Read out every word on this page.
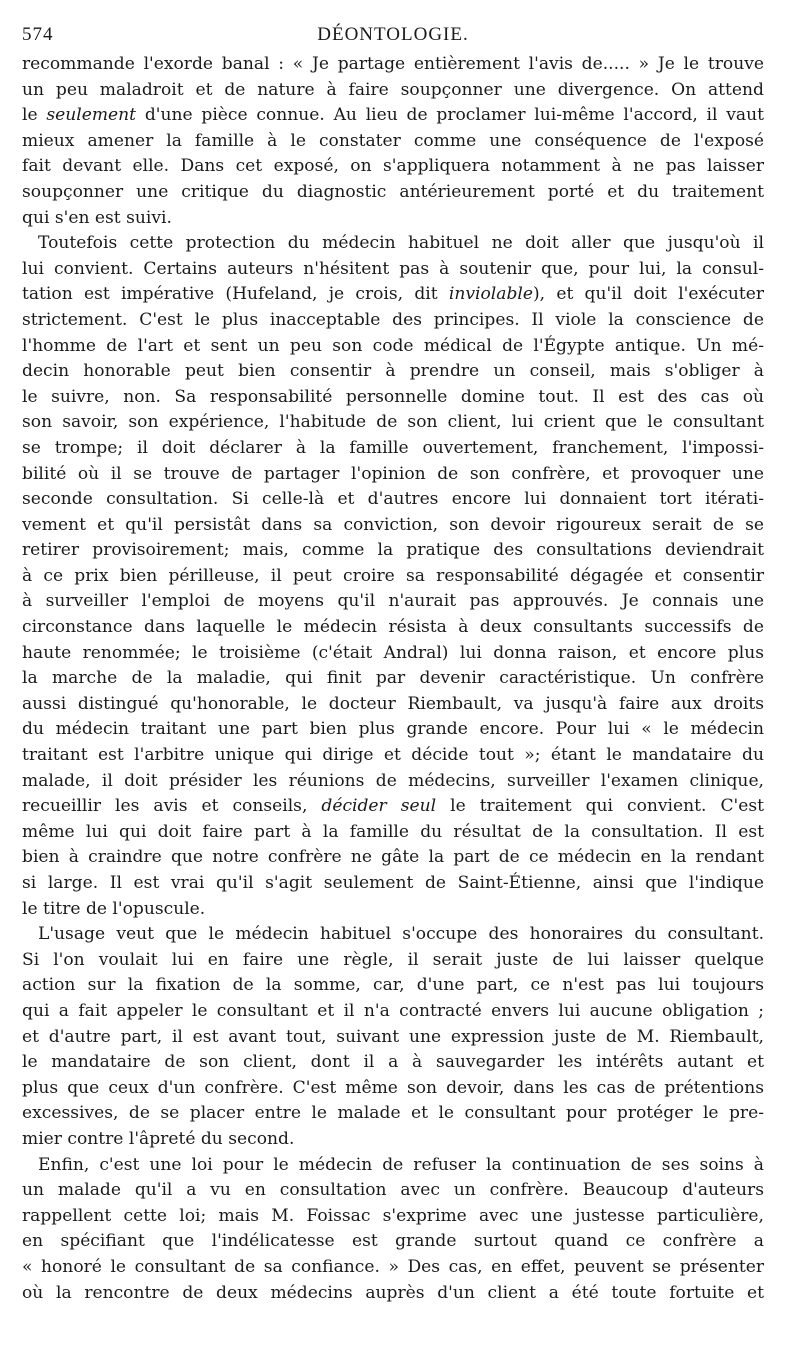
574	DÉONTOLOGIE.
recommande l'exorde banal : « Je partage entièrement l'avis de..... » Je le trouve
un peu maladroit et de nature à faire soupçonner une divergence. On attend
le seulement d'une pièce connue. Au lieu de proclamer lui-même l'accord, il vaut
mieux amener la famille à le constater comme une conséquence de l'exposé
fait devant elle. Dans cet exposé, on s'appliquera notamment à ne pas laisser
soupçonner une critique du diagnostic antérieurement porté et du traitement
qui s'en est suivi.
Toutefois cette protection du médecin habituel ne doit aller que jusqu'où il
lui convient. Certains auteurs n'hésitent pas à soutenir que, pour lui, la consul-
tation est impérative (Hufeland, je crois, dit inviolable), et qu'il doit l'exécuter
strictement. C'est le plus inacceptable des principes. Il viole la conscience de
l'homme de l'art et sent un peu son code médical de l'Égypte antique. Un mé-
decin honorable peut bien consentir à prendre un conseil, mais s'obliger à
le suivre, non. Sa responsabilité personnelle domine tout. Il est des cas où
son savoir, son expérience, l'habitude de son client, lui crient que le consultant
se trompe; il doit déclarer à la famille ouvertement, franchement, l'impossi-
bilité où il se trouve de partager l'opinion de son confrère, et provoquer une
seconde consultation. Si celle-là et d'autres encore lui donnaient tort itérati-
vement et qu'il persistât dans sa conviction, son devoir rigoureux serait de se
retirer provisoirement; mais, comme la pratique des consultations deviendrait
à ce prix bien périlleuse, il peut croire sa responsabilité dégagée et consentir
à surveiller l'emploi de moyens qu'il n'aurait pas approuvés. Je connais une
circonstance dans laquelle le médecin résista à deux consultants successifs de
haute renommée; le troisième (c'était Andral) lui donna raison, et encore plus
la marche de la maladie, qui finit par devenir caractéristique. Un confrère
aussi distingué qu'honorable, le docteur Riembault, va jusqu'à faire aux droits
du médecin traitant une part bien plus grande encore. Pour lui « le médecin
traitant est l'arbitre unique qui dirige et décide tout »; étant le mandataire du
malade, il doit présider les réunions de médecins, surveiller l'examen clinique,
recueillir les avis et conseils, décider seul le traitement qui convient. C'est
même lui qui doit faire part à la famille du résultat de la consultation. Il est
bien à craindre que notre confrère ne gâte la part de ce médecin en la rendant
si large. Il est vrai qu'il s'agit seulement de Saint-Étienne, ainsi que l'indique
le titre de l'opuscule.
L'usage veut que le médecin habituel s'occupe des honoraires du consultant.
Si l'on voulait lui en faire une règle, il serait juste de lui laisser quelque
action sur la fixation de la somme, car, d'une part, ce n'est pas lui toujours
qui a fait appeler le consultant et il n'a contracté envers lui aucune obligation ;
et d'autre part, il est avant tout, suivant une expression juste de M. Riembault,
le mandataire de son client, dont il a à sauvegarder les intérêts autant et
plus que ceux d'un confrère. C'est même son devoir, dans les cas de prétentions
excessives, de se placer entre le malade et le consultant pour protéger le pre-
mier contre l'âpreté du second.
Enfin, c'est une loi pour le médecin de refuser la continuation de ses soins à
un malade qu'il a vu en consultation avec un confrère. Beaucoup d'auteurs
rappellent cette loi; mais M. Foissac s'exprime avec une justesse particulière,
en spécifiant que l'indélicatesse est grande surtout quand ce confrère a
« honoré le consultant de sa confiance. » Des cas, en effet, peuvent se présenter
où la rencontre de deux médecins auprès d'un client a été toute fortuite et
